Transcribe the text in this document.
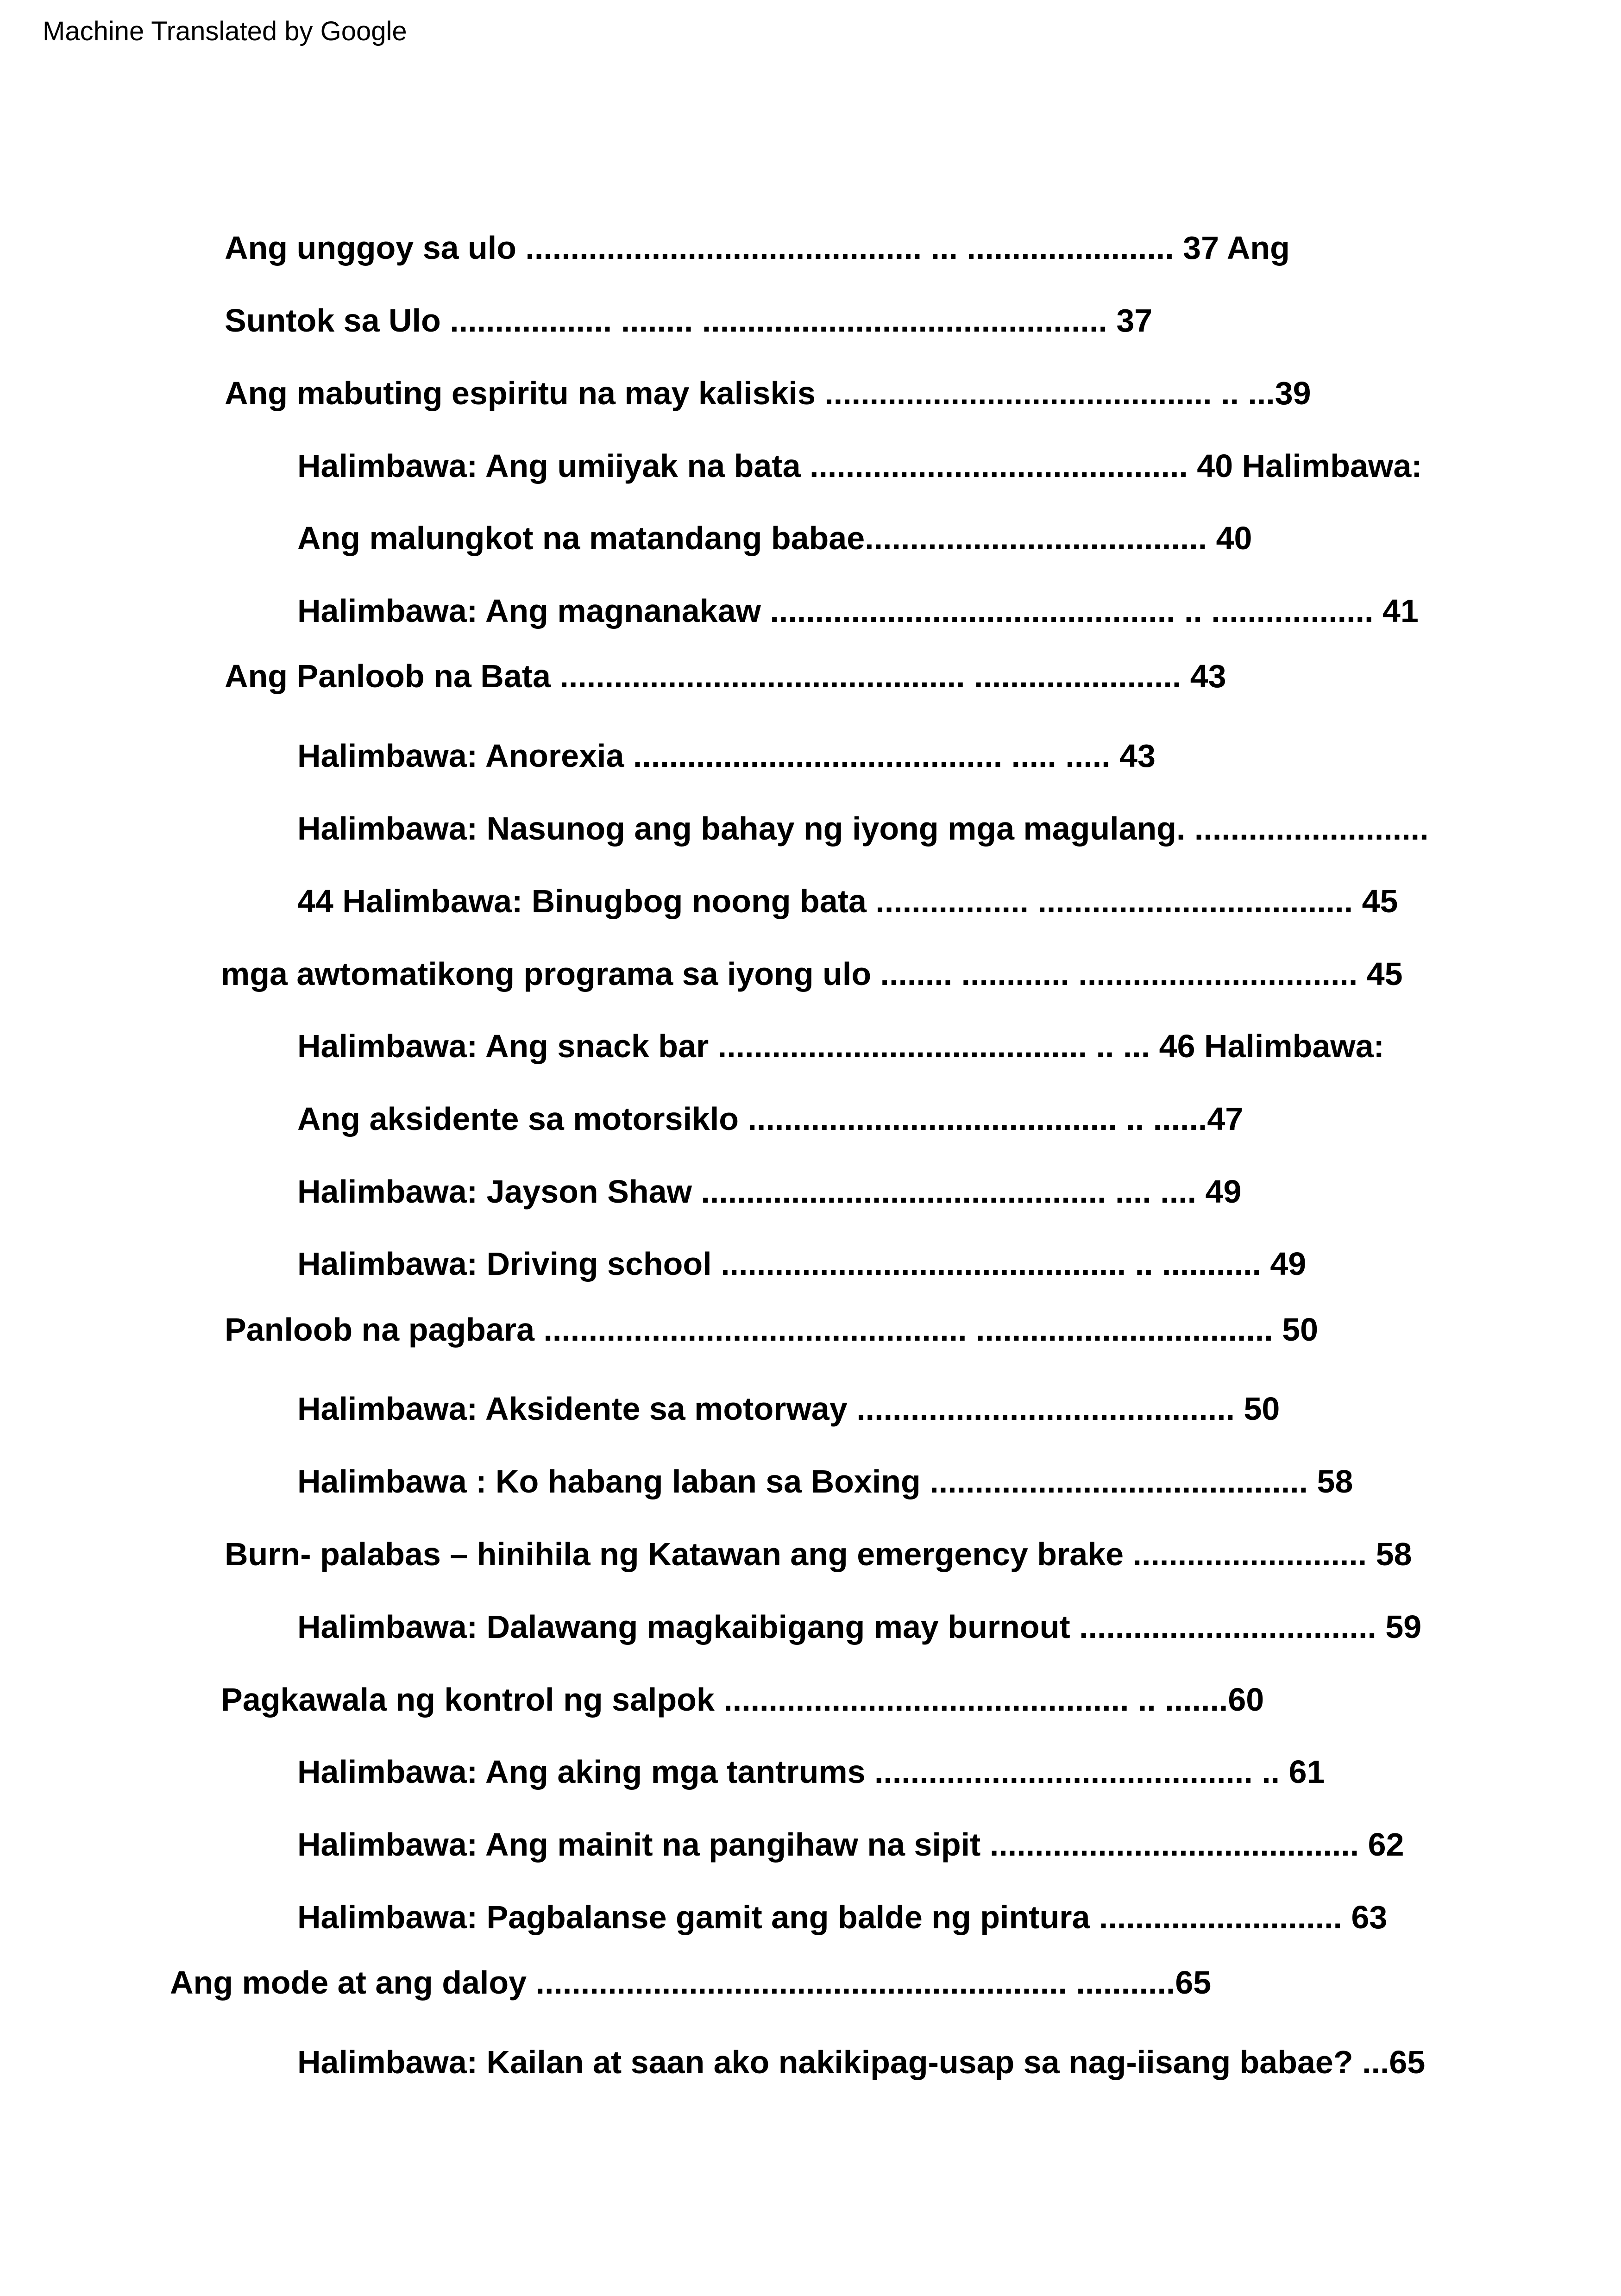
Machine Translated by Google
Ang unggoy sa ulo ............................................ ... ....................... 37 Ang
Suntok sa Ulo .................. ........ ............................................. 37
Ang mabuting espiritu na may kaliskis ........................................... .. ...39
Halimbawa: Ang umiiyak na bata .......................................... 40 Halimbawa:
Ang malungkot na matandang babae...................................... 40
Halimbawa: Ang magnanakaw ............................................. .. .................. 41
Ang Panloob na Bata ............................................. ....................... 43
Halimbawa: Anorexia ......................................... ..... ..... 43
Halimbawa: Nasunog ang bahay ng iyong mga magulang. ..........................
44 Halimbawa: Binugbog noong bata ................. ................................... 45
mga awtomatikong programa sa iyong ulo ........ ............ ............................... 45
Halimbawa: Ang snack bar ......................................... .. ... 46 Halimbawa:
Ang aksidente sa motorsiklo ......................................... .. ......47
Halimbawa: Jayson Shaw ............................................. .... .... 49
Halimbawa: Driving school ............................................. .. ........... 49
Panloob na pagbara ............................................... ................................. 50
Halimbawa: Aksidente sa motorway .......................................... 50
Halimbawa : Ko habang laban sa Boxing .......................................... 58
Burn- palabas – hinihila ng Katawan ang emergency brake .......................... 58
Halimbawa: Dalawang magkaibigang may burnout ................................. 59
Pagkawala ng kontrol ng salpok ............................................. .. .......60
Halimbawa: Ang aking mga tantrums .......................................... .. 61
Halimbawa: Ang mainit na pangihaw na sipit ......................................... 62
Halimbawa: Pagbalanse gamit ang balde ng pintura ........................... 63
Ang mode at ang daloy ........................................................... ...........65
Halimbawa: Kailan at saan ako nakikipag-usap sa nag-iisang babae? ...65
